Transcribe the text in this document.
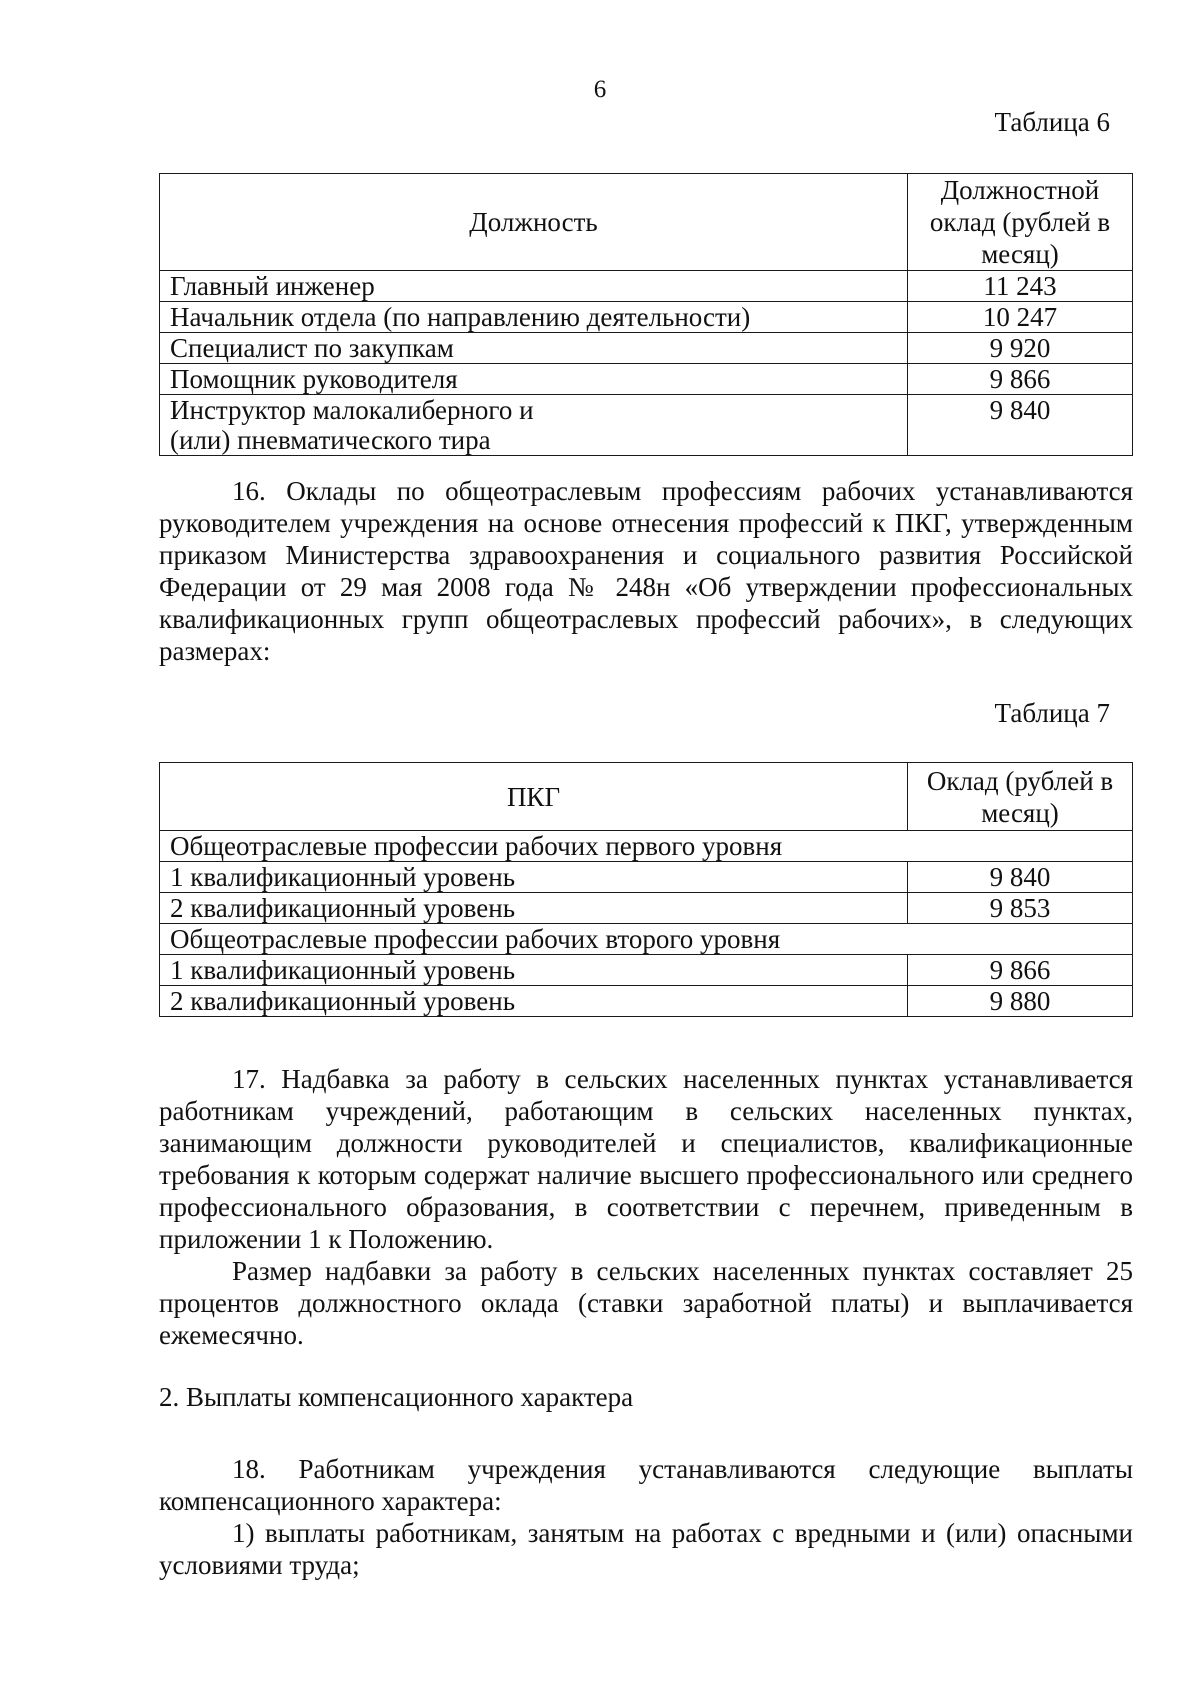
6
Таблица 6
Должность	Должностной оклад (рублей в месяц)

Главный инженер	11 243
Начальник отдела (по направлению деятельности)	10 247
Специалист по закупкам	9 920
Помощник руководителя	9 866

Инструктор малокалиберного и (или) пневматического тира	9 840

16. Оклады по общеотраслевым профессиям рабочих устанавливаются руководителем учреждения на основе отнесения профессий к ПКГ, утвержденным приказом Министерства здравоохранения и социального развития Российской Федерации от 29 мая 2008 года № 248н «Об утверждении профессиональных квалификационных групп общеотраслевых профессий рабочих», в следующих размерах:

Таблица 7
ПКГ	Оклад (рублей в месяц)

Общеотраслевые профессии рабочих первого уровня	
1 квалификационный уровень	9 840
2 квалификационный уровень	9 853
Общеотраслевые профессии рабочих второго уровня	
1 квалификационный уровень	9 866
2 квалификационный уровень	9 880

17. Надбавка за работу в сельских населенных пунктах устанавливается работникам учреждений, работающим в сельских населенных пунктах, занимающим должности руководителей и специалистов, квалификационные требования к которым содержат наличие высшего профессионального или среднего профессионального образования, в соответствии с перечнем, приведенным в приложении 1 к Положению.

Размер надбавки за работу в сельских населенных пунктах составляет 25 процентов должностного оклада (ставки заработной платы) и выплачивается ежемесячно.

2. Выплаты компенсационного характера

18. Работникам учреждения устанавливаются следующие выплаты компенсационного характера:

1) выплаты работникам, занятым на работах с вредными и (или) опасными условиями труда;
